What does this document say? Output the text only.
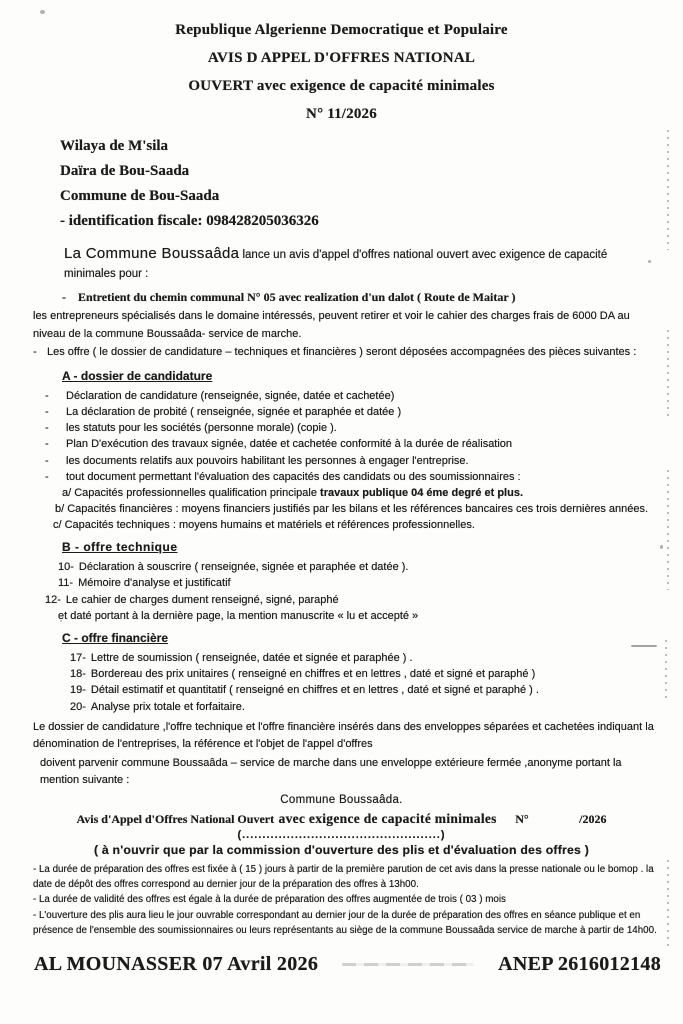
Republique Algerienne Democratique et Populaire
AVIS D APPEL D'OFFRES NATIONAL
OUVERT avec exigence de capacité minimales
N° 11/2026
Wilaya de M'sila
Daïra de Bou-Saada
Commune de Bou-Saada
- identification fiscale: 098428205036326

La Commune Boussaâda lance un avis d'appel d'offres national ouvert avec exigence de capacité minimales pour :

-	Entretient du chemin communal N° 05 avec realization d'un dalot ( Route de Maitar )

les entrepreneurs spécialisés dans le domaine intéressés, peuvent retirer et voir le cahier des charges frais de 6000 DA au niveau de la commune Boussaâda- service de marche.

- Les offre ( le dossier de candidature – techniques et financières ) seront déposées accompagnées des pièces suivantes :

A - dossier de candidature
-	Déclaration de candidature (renseignée, signée, datée et cachetée)
-	La déclaration de probité ( renseignée, signée et paraphée et datée )
-	les statuts pour les sociétés (personne morale) (copie ).
-	Plan D'exécution des travaux signée, datée et cachetée conformité à la durée de réalisation
-	les documents relatifs aux pouvoirs habilitant les personnes à engager l'entreprise.
-	tout document permettant l'évaluation des capacités des candidats ou des soumissionnaires :
a/ Capacités professionnelles qualification principale travaux publique 04 éme degré et plus.
b/ Capacités financières : moyens financiers justifiés par les bilans et les références bancaires ces trois dernières années.
c/ Capacités techniques : moyens humains et matériels et références professionnelles.
B - offre technique
10- Déclaration à souscrire ( renseignée, signée et paraphée et datée ).
11- Mémoire d'analyse et justificatif
12- Le cahier de charges dument renseigné, signé, paraphé
et daté portant à la dernière page, la mention manuscrite « lu et accepté »
C - offre financière
17- Lettre de soumission ( renseignée, datée et signée et paraphée ) .
18- Bordereau des prix unitaires ( renseigné en chiffres et en lettres , daté et signé et paraphé )
19- Détail estimatif et quantitatif ( renseigné en chiffres et en lettres , daté et signé et paraphé ) .
20- Analyse prix totale et forfaitaire.

Le dossier de candidature ,l'offre technique et l'offre financière insérés dans des enveloppes séparées et cachetées indiquant la dénomination de l'entreprises, la référence et l'objet de l'appel d'offres

doivent parvenir commune Boussaâda – service de marche dans une enveloppe extérieure fermée ,anonyme portant la mention suivante :

Commune Boussaâda.
Avis d'Appel d'Offres National Ouvert avec exigence de capacité minimales N°	/2026
(.................................................)
( à n'ouvrir que par la commission d'ouverture des plis et d'évaluation des offres )

- La durée de préparation des offres est fixée à ( 15 ) jours à partir de la première parution de cet avis dans la presse nationale ou le bomop . la date de dépôt des offres correspond au dernier jour de la préparation des offres à 13h00.

- La durée de validité des offres est égale à la durée de préparation des offres augmentée de trois ( 03 ) mois

- L'ouverture des plis aura lieu le jour ouvrable correspondant au dernier jour de la durée de préparation des offres en séance publique et en présence de l'ensemble des soumissionnaires ou leurs représentants au siège de la commune Boussaâda service de marche à partir de 14h00.

AL MOUNASSER 07 Avril 2026	ANEP 2616012148
